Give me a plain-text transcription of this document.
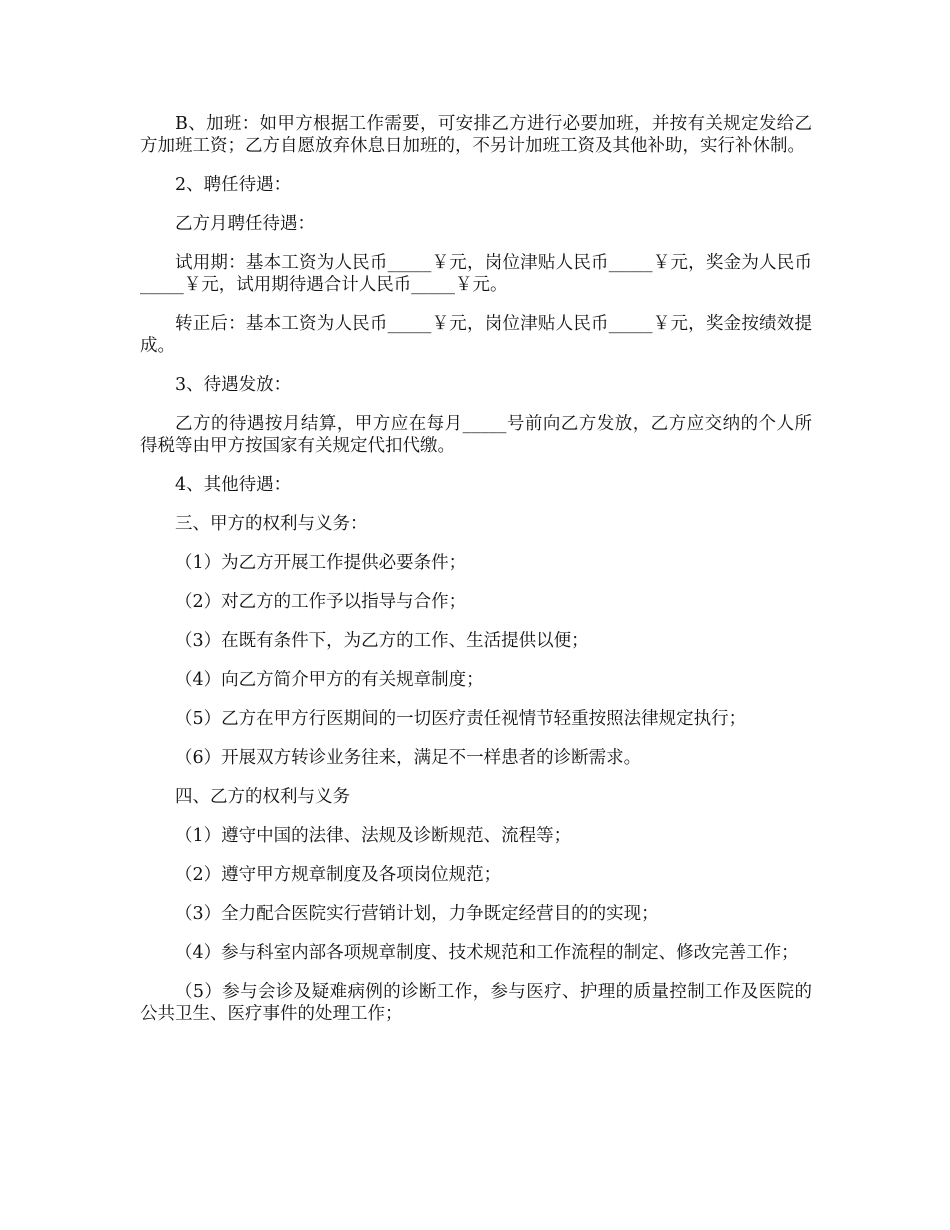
B、加班：如甲方根据工作需要，可安排乙方进行必要加班，并按有关规定发给乙方加班工资；乙方自愿放弃休息日加班的，不另计加班工资及其他补助，实行补休制。

2、聘任待遇：

乙方月聘任待遇：

试用期：基本工资为人民币_____￥元，岗位津贴人民币_____￥元，奖金为人民币_____￥元，试用期待遇合计人民币_____￥元。

转正后：基本工资为人民币_____￥元，岗位津贴人民币_____￥元，奖金按绩效提成。

3、待遇发放：

乙方的待遇按月结算，甲方应在每月_____号前向乙方发放，乙方应交纳的个人所得税等由甲方按国家有关规定代扣代缴。

4、其他待遇：

三、甲方的权利与义务：

（1）为乙方开展工作提供必要条件；

（2）对乙方的工作予以指导与合作；

（3）在既有条件下，为乙方的工作、生活提供以便；

（4）向乙方简介甲方的有关规章制度；

（5）乙方在甲方行医期间的一切医疗责任视情节轻重按照法律规定执行；

（6）开展双方转诊业务往来，满足不一样患者的诊断需求。

四、乙方的权利与义务

（1）遵守中国的法律、法规及诊断规范、流程等；

（2）遵守甲方规章制度及各项岗位规范；

（3）全力配合医院实行营销计划，力争既定经营目的的实现；

（4）参与科室内部各项规章制度、技术规范和工作流程的制定、修改完善工作；

（5）参与会诊及疑难病例的诊断工作，参与医疗、护理的质量控制工作及医院的公共卫生、医疗事件的处理工作；
